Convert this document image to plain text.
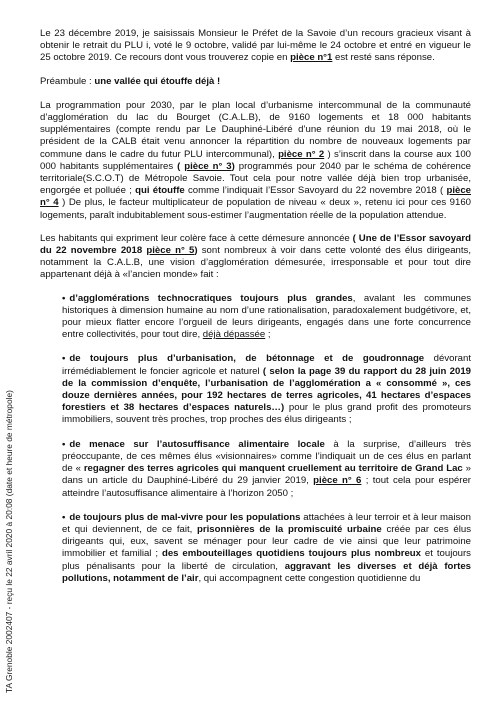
TA Grenoble 2002407 - reçu le 22 avril 2020 à 20:08 (date et heure de métropole)

Le 23 décembre 2019, je saisissais Monsieur le Préfet de la Savoie d’un recours gracieux visant à obtenir le retrait du PLU i, voté le 9 octobre, validé par lui-même le 24 octobre et entré en vigueur le 25 octobre 2019. Ce recours dont vous trouverez copie en pièce n°1 est resté sans réponse.

Préambule : une vallée qui étouffe déjà !

La programmation pour 2030, par le plan local d’urbanisme intercommunal de la communauté d’agglomération du lac du Bourget (C.A.L.B), de 9160 logements et 18 000 habitants supplémentaires (compte rendu par Le Dauphiné-Libéré d’une réunion du 19 mai 2018, où le président de la CALB était venu annoncer la répartition du nombre de nouveaux logements par commune dans le cadre du futur PLU intercommunal), pièce n° 2 ) s’inscrit dans la course aux 100 000 habitants supplémentaires ( pièce n° 3) programmés pour 2040 par le schéma de cohérence territoriale(S.C.O.T) de Métropole Savoie. Tout cela pour notre vallée déjà bien trop urbanisée, engorgée et polluée ; qui étouffe comme l’indiquait l’Essor Savoyard du 22 novembre 2018 ( pièce n° 4 ) De plus, le facteur multiplicateur de population de niveau « deux », retenu ici pour ces 9160 logements, paraît indubitablement sous-estimer l’augmentation réelle de la population attendue.

Les habitants qui expriment leur colère face à cette démesure annoncée ( Une de l’Essor savoyard du 22 novembre 2018 pièce n° 5) sont nombreux à voir dans cette volonté des élus dirigeants, notamment la C.A.L.B, une vision d’agglomération démesurée, irresponsable et pour tout dire appartenant déjà à «l’ancien monde» fait :

• d’agglomérations technocratiques toujours plus grandes, avalant les communes historiques à dimension humaine au nom d’une rationalisation, paradoxalement budgétivore, et, pour mieux flatter encore l’orgueil de leurs dirigeants, engagés dans une forte concurrence entre collectivités, pour tout dire, déjà dépassée ;

• de toujours plus d’urbanisation, de bétonnage et de goudronnage dévorant irrémédiablement le foncier agricole et naturel ( selon la page 39 du rapport du 28 juin 2019 de la commission d’enquête, l’urbanisation de l’agglomération a « consommé », ces douze dernières années, pour 192 hectares de terres agricoles, 41 hectares d’espaces forestiers et 38 hectares d’espaces naturels…) pour le plus grand profit des promoteurs immobiliers, souvent très proches, trop proches des élus dirigeants ;

• de menace sur l’autosuffisance alimentaire locale à la surprise, d’ailleurs très préoccupante, de ces mêmes élus «visionnaires» comme l’indiquait un de ces élus en parlant de « regagner des terres agricoles qui manquent cruellement au territoire de Grand Lac » dans un article du Dauphiné-Libéré du 29 janvier 2019, pièce n° 6 ; tout cela pour espérer atteindre l’autosuffisance alimentaire à l’horizon 2050 ;

• de toujours plus de mal-vivre pour les populations attachées à leur terroir et à leur maison et qui deviennent, de ce fait, prisonnières de la promiscuité urbaine créée par ces élus dirigeants qui, eux, savent se ménager pour leur cadre de vie ainsi que leur patrimoine immobilier et familial ; des embouteillages quotidiens toujours plus nombreux et toujours plus pénalisants pour la liberté de circulation, aggravant les diverses et déjà fortes pollutions, notamment de l’air, qui accompagnent cette congestion quotidienne du
